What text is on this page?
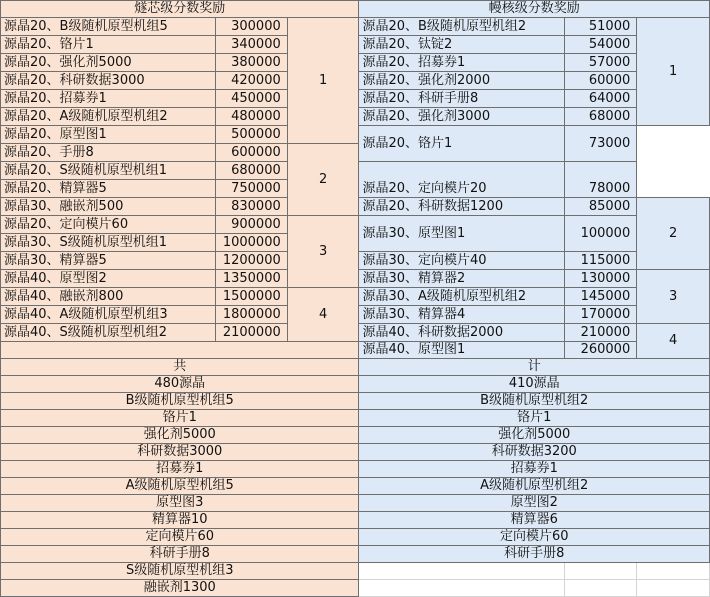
燧芯级分数奖励			幔核级分数奖励		
源晶20、B级随机原型机组5	300000	1	源晶20、B级随机原型机组2	51000	1
源晶20、铬片1	340000		源晶20、钛锭2	54000	
源晶20、强化剂5000	380000		源晶20、招募券1	57000	
源晶20、科研数据3000	420000		源晶20、强化剂2000	60000	
源晶20、招募券1	450000		源晶20、科研手册8	64000	
源晶20、A级随机原型机组2	480000		源晶20、强化剂3000	68000	
源晶20、原型图1	500000		源晶20、铬片1	73000
源晶20、手册8	600000	2			
源晶20、S级随机原型机组1	680000		源晶20、定向模片20	78000	
源晶20、精算器5	750000				
源晶30、融嵌剂500	830000		源晶20、科研数据1200	85000	2
源晶20、定向模片60	900000	3	源晶30、原型图1	100000	
源晶30、S级随机原型机组1	1000000				
源晶30、精算器5	1200000		源晶30、定向模片40	115000	
源晶40、原型图2	1350000		源晶30、精算器2	130000	3
源晶40、融嵌剂800	1500000	4	源晶30、A级随机原型机组2	145000	
源晶40、A级随机原型机组3	1800000		源晶30、精算器4	170000
源晶40、S级随机原型机组2	2100000		源晶40、科研数据2000	210000	4
			源晶40、原型图1	260000	
共			计		
480源晶			410源晶		
B级随机原型机组5			B级随机原型机组2		
铬片1			铬片1		
强化剂5000			强化剂5000		
科研数据3000			科研数据3200		
招募券1			招募券1		
A级随机原型机组5			A级随机原型机组2		
原型图3			原型图2		
精算器10			精算器6		
定向模片60			定向模片60		
科研手册8			科研手册8		
S级随机原型机组3					
融嵌剂1300					
